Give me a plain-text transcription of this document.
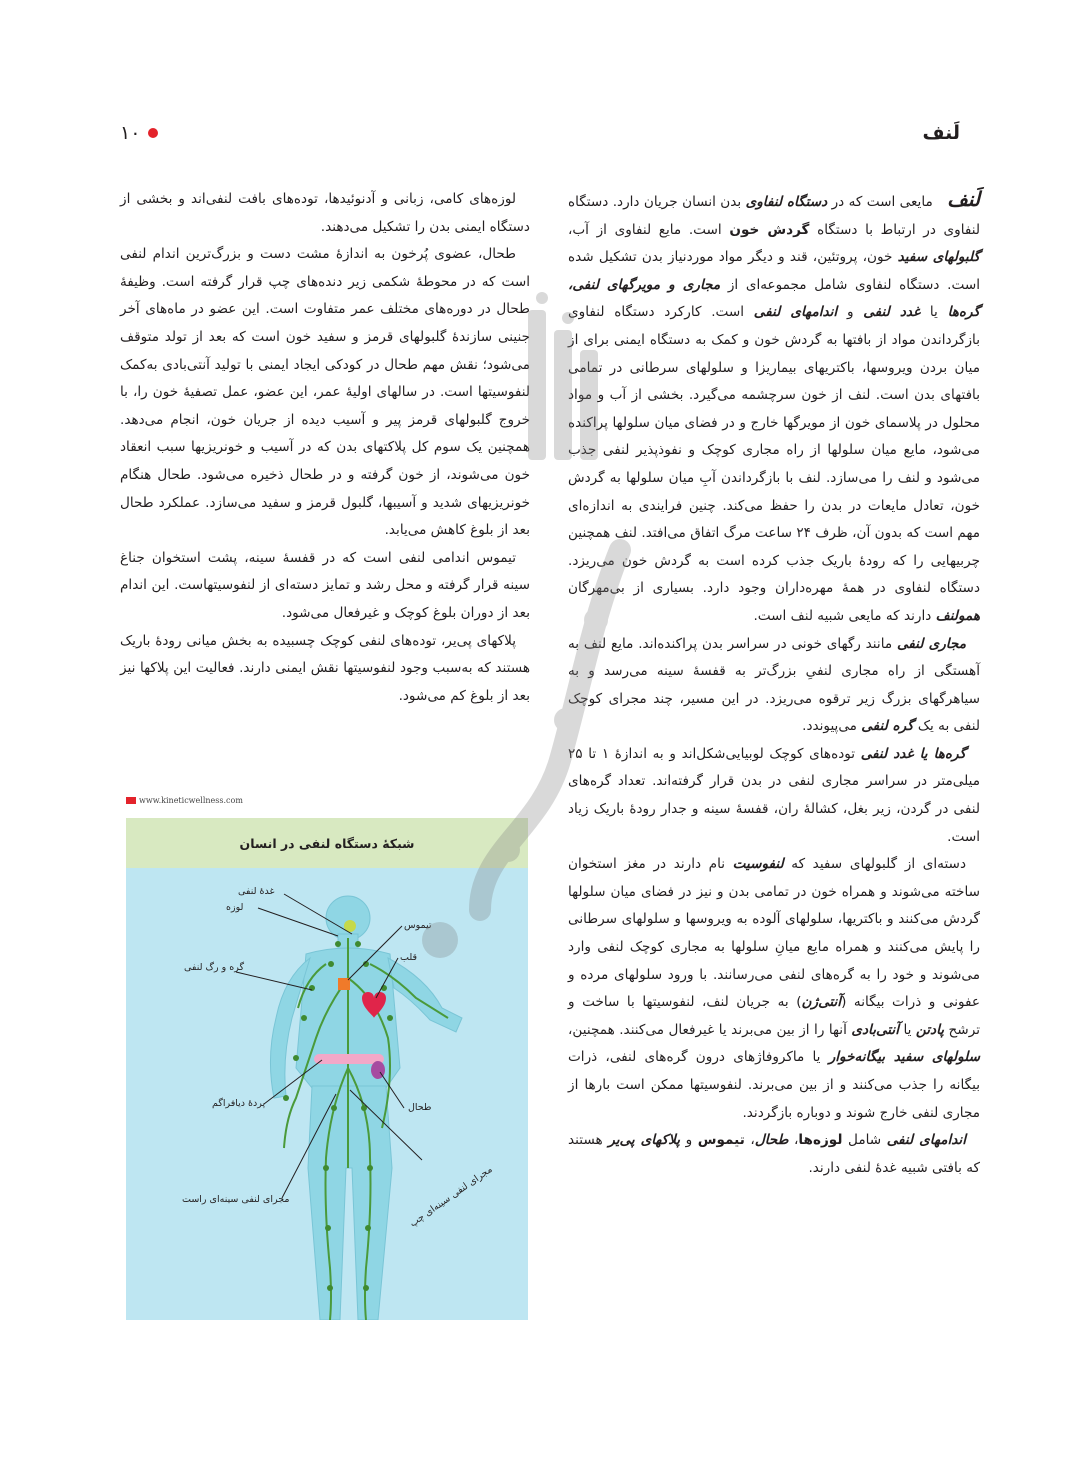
لَنف
۱۰

لَنف مایعی است که در دستگاه لنفاوی بدن انسان جریان دارد. دستگاه لنفاوی در ارتباط با دستگاه گردش خون است. مایع لنفاوی از آب، گلبولهای سفید خون، پروتئین، قند و دیگر مواد موردنیاز بدن تشکیل شده است. دستگاه لنفاوی شامل مجموعه‌ای از مجاری و مویرگهای لنفی، گره‌ها یا غدد لنفی و اندامهای لنفی است. کارکرد دستگاه لنفاوی بازگرداندن مواد از بافتها به گردش خون و کمک به دستگاه ایمنی برای از میان بردن ویروسها، باکتریهای بیماریزا و سلولهای سرطانی در تمامی بافتهای بدن است. لنف از خون سرچشمه می‌گیرد. بخشی از آب و مواد محلول در پلاسمای خون از مویرگها خارج و در فضای میان سلولها پراکنده می‌شود، مایع میان سلولها از راه مجاری کوچک و نفوذپذیر لنفی جذب می‌شود و لنف را می‌سازد. لنف با بازگرداندن آبِ میان سلولها به گردش خون، تعادل مایعات در بدن را حفظ می‌کند. چنین فرایندی به اندازه‌ای مهم است که بدون آن، ظرف ۲۴ ساعت مرگ اتفاق می‌افتد. لنف همچنین چربیهایی را که رودهٔ باریک جذب کرده است به گردش خون می‌ریزد. دستگاه لنفاوی در همهٔ مهره‌داران وجود دارد. بسیاری از بی‌مهرگان همولنف دارند که مایعی شبیه لنف است.

مجاری لنفی مانند رگهای خونی در سراسر بدن پراکنده‌اند. مایع لنف به آهستگی از راه مجاری لنفیِ بزرگ‌تر به قفسهٔ سینه می‌رسد و به سیاهرگهای بزرگ زیر ترقوه می‌ریزد. در این مسیر، چند مجرای کوچک لنفی به یک گره لنفی می‌پیوندد.

گره‌ها یا غدد لنفی توده‌های کوچک لوبیایی‌شکل‌اند و به اندازهٔ ۱ تا ۲۵ میلی‌متر در سراسر مجاری لنفی در بدن قرار گرفته‌اند. تعداد گره‌های لنفی در گردن، زیر بغل، کشالهٔ ران، قفسهٔ سینه و جدار رودهٔ باریک زیاد است.

دسته‌ای از گلبولهای سفید که لنفوسیت نام دارند در مغز استخوان ساخته می‌شوند و همراه خون در تمامی بدن و نیز در فضای میان سلولها گردش می‌کنند و باکتریها، سلولهای آلوده به ویروسها و سلولهای سرطانی را پایش می‌کنند و همراه مایع میانِ سلولها به مجاری کوچک لنفی وارد می‌شوند و خود را به گره‌های لنفی می‌رسانند. با ورود سلولهای مرده و عفونی و ذرات بیگانه (آنتی‌ژن) به جریان لنف، لنفوسیتها با ساخت و ترشح پادتن یا آنتی‌بادی آنها را از بین می‌برند یا غیرفعال می‌کنند. همچنین، سلولهای سفید بیگانه‌خوار یا ماکروفاژهای درون گره‌های لنفی، ذرات بیگانه را جذب می‌کنند و از بین می‌برند. لنفوسیتها ممکن است بارها از مجاری لنفی خارج شوند و دوباره بازگردند.

اندامهای لنفی شامل لوزه‌ها، طحال، تیموس و پلاکهای پی‌یر هستند که بافتی شبیه غدهٔ لنفی دارند.

لوزه‌های کامی، زبانی و آدنوئیدها، توده‌های بافت لنفی‌اند و بخشی از دستگاه ایمنی بدن را تشکیل می‌دهند.

طحال، عضوی پُرخون به اندازهٔ مشت دست و بزرگ‌ترین اندام لنفی است که در محوطهٔ شکمی زیر دنده‌های چپ قرار گرفته است. وظیفهٔ طحال در دوره‌های مختلف عمر متفاوت است. این عضو در ماه‌های آخر جنینی سازندهٔ گلبولهای قرمز و سفید خون است که بعد از تولد متوقف می‌شود؛ نقش مهم طحال در کودکی ایجاد ایمنی با تولید آنتی‌بادی به‌کمک لنفوسیتها است. در سالهای اولیهٔ عمر، این عضو، عمل تصفیهٔ خون را، با خروج گلبولهای قرمز پیر و آسیب دیده از جریان خون، انجام می‌دهد. همچنین یک سوم کل پلاکتهای بدن که در آسیب و خونریزیها سبب انعقاد خون می‌شوند، از خون گرفته و در طحال ذخیره می‌شود. طحال هنگام خونریزیهای شدید و آسیبها، گلبول قرمز و سفید می‌سازد. عملکرد طحال بعد از بلوغ کاهش می‌یابد.

تیموس اندامی لنفی است که در قفسهٔ سینه، پشت استخوان جناغ سینه قرار گرفته و محل رشد و تمایز دسته‌ای از لنفوسیتهاست. این اندام بعد از دوران بلوغ کوچک و غیرفعال می‌شود.

پلاکهای پی‌یر، توده‌های لنفی کوچک چسبیده به بخش میانی رودهٔ باریک هستند که به‌سبب وجود لنفوسیتها نقش ایمنی دارند. فعالیت این پلاکها نیز بعد از بلوغ کم می‌شود.

www.kineticwellness.com
شبکهٔ دستگاه لنفی در انسان
غدهٔ لنفی
لوزه
تیموس
قلب
گره و رگ لنفی
پردهٔ دیافراگم	طحال
مجرای لنفی سینه‌ای چپ
مجرای لنفی سینه‌ای راست
